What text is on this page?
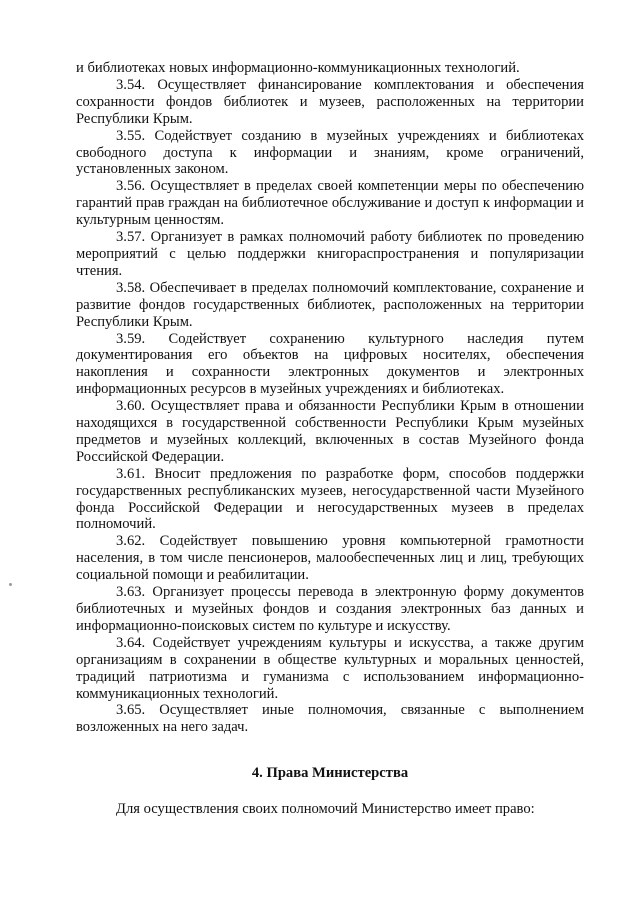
и библиотеках новых информационно-коммуникационных технологий.

3.54. Осуществляет финансирование комплектования и обеспечения сохранности фондов библиотек и музеев, расположенных на территории Республики Крым.

3.55. Содействует созданию в музейных учреждениях и библиотеках свободного доступа к информации и знаниям, кроме ограничений, установленных законом.

3.56. Осуществляет в пределах своей компетенции меры по обеспечению гарантий прав граждан на библиотечное обслуживание и доступ к информации и культурным ценностям.

3.57. Организует в рамках полномочий работу библиотек по проведению мероприятий с целью поддержки книгораспространения и популяризации чтения.

3.58. Обеспечивает в пределах полномочий комплектование, сохранение и развитие фондов государственных библиотек, расположенных на территории Республики Крым.

3.59. Содействует сохранению культурного наследия путем документирования его объектов на цифровых носителях, обеспечения накопления и сохранности электронных документов и электронных информационных ресурсов в музейных учреждениях и библиотеках.

3.60. Осуществляет права и обязанности Республики Крым в отношении находящихся в государственной собственности Республики Крым музейных предметов и музейных коллекций, включенных в состав Музейного фонда Российской Федерации.

3.61. Вносит предложения по разработке форм, способов поддержки государственных республиканских музеев, негосударственной части Музейного фонда Российской Федерации и негосударственных музеев в пределах полномочий.

3.62. Содействует повышению уровня компьютерной грамотности населения, в том числе пенсионеров, малообеспеченных лиц и лиц, требующих социальной помощи и реабилитации.

3.63. Организует процессы перевода в электронную форму документов библиотечных и музейных фондов и создания электронных баз данных и информационно-поисковых систем по культуре и искусству.

3.64. Содействует учреждениям культуры и искусства, а также другим организациям в сохранении в обществе культурных и моральных ценностей, традиций патриотизма и гуманизма с использованием информационно-коммуникационных технологий.

3.65. Осуществляет иные полномочия, связанные с выполнением возложенных на него задач.

4. Права Министерства
Для осуществления своих полномочий Министерство имеет право:
